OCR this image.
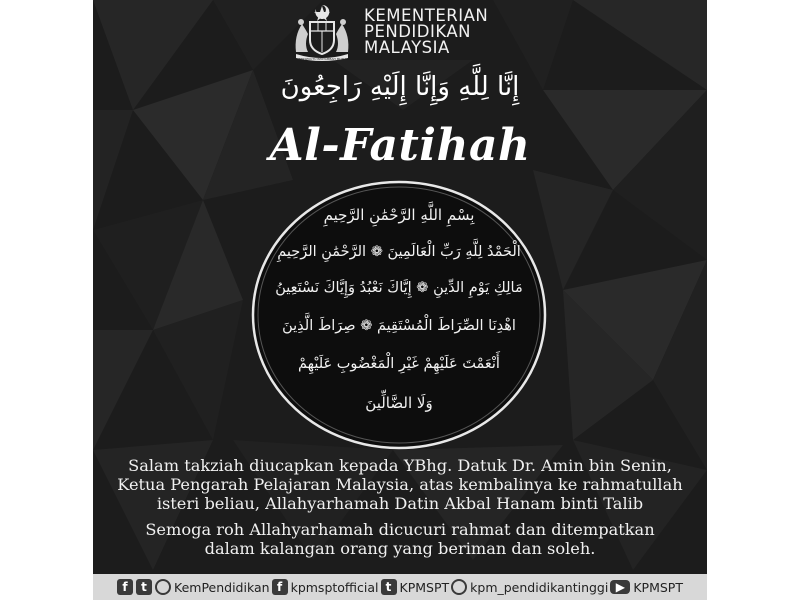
BERSEKUTU BERTAMBAH MUTU
KEMENTERIAN
PENDIDIKAN
MALAYSIA
إِنَّا لِلَّهِ وَإِنَّا إِلَيْهِ رَاجِعُونَ
Al-Fatihah
بِسْمِ اللَّهِ الرَّحْمَٰنِ الرَّحِيمِ
الْحَمْدُ لِلَّهِ رَبِّ الْعَالَمِينَ ❁ الرَّحْمَٰنِ الرَّحِيمِ
مَالِكِ يَوْمِ الدِّينِ ❁ إِيَّاكَ نَعْبُدُ وَإِيَّاكَ نَسْتَعِينُ
اهْدِنَا الصِّرَاطَ الْمُسْتَقِيمَ ❁ صِرَاطَ الَّذِينَ
أَنْعَمْتَ عَلَيْهِمْ غَيْرِ الْمَغْضُوبِ عَلَيْهِمْ
وَلَا الضَّالِّينَ

Salam takziah diucapkan kepada YBhg. Datuk Dr. Amin bin Senin,

Ketua Pengarah Pelajaran Malaysia, atas kembalinya ke rahmatullah

isteri beliau, Allahyarhamah Datin Akbal Hanam binti Talib

Semoga roh Allahyarhamah dicucuri rahmat dan ditempatkan

dalam kalangan orang yang beriman dan soleh.

f	t	KemPendidikan f kpmsptofficial t KPMSPT kpm_pendidikantinggi ▶ KPMSPT
